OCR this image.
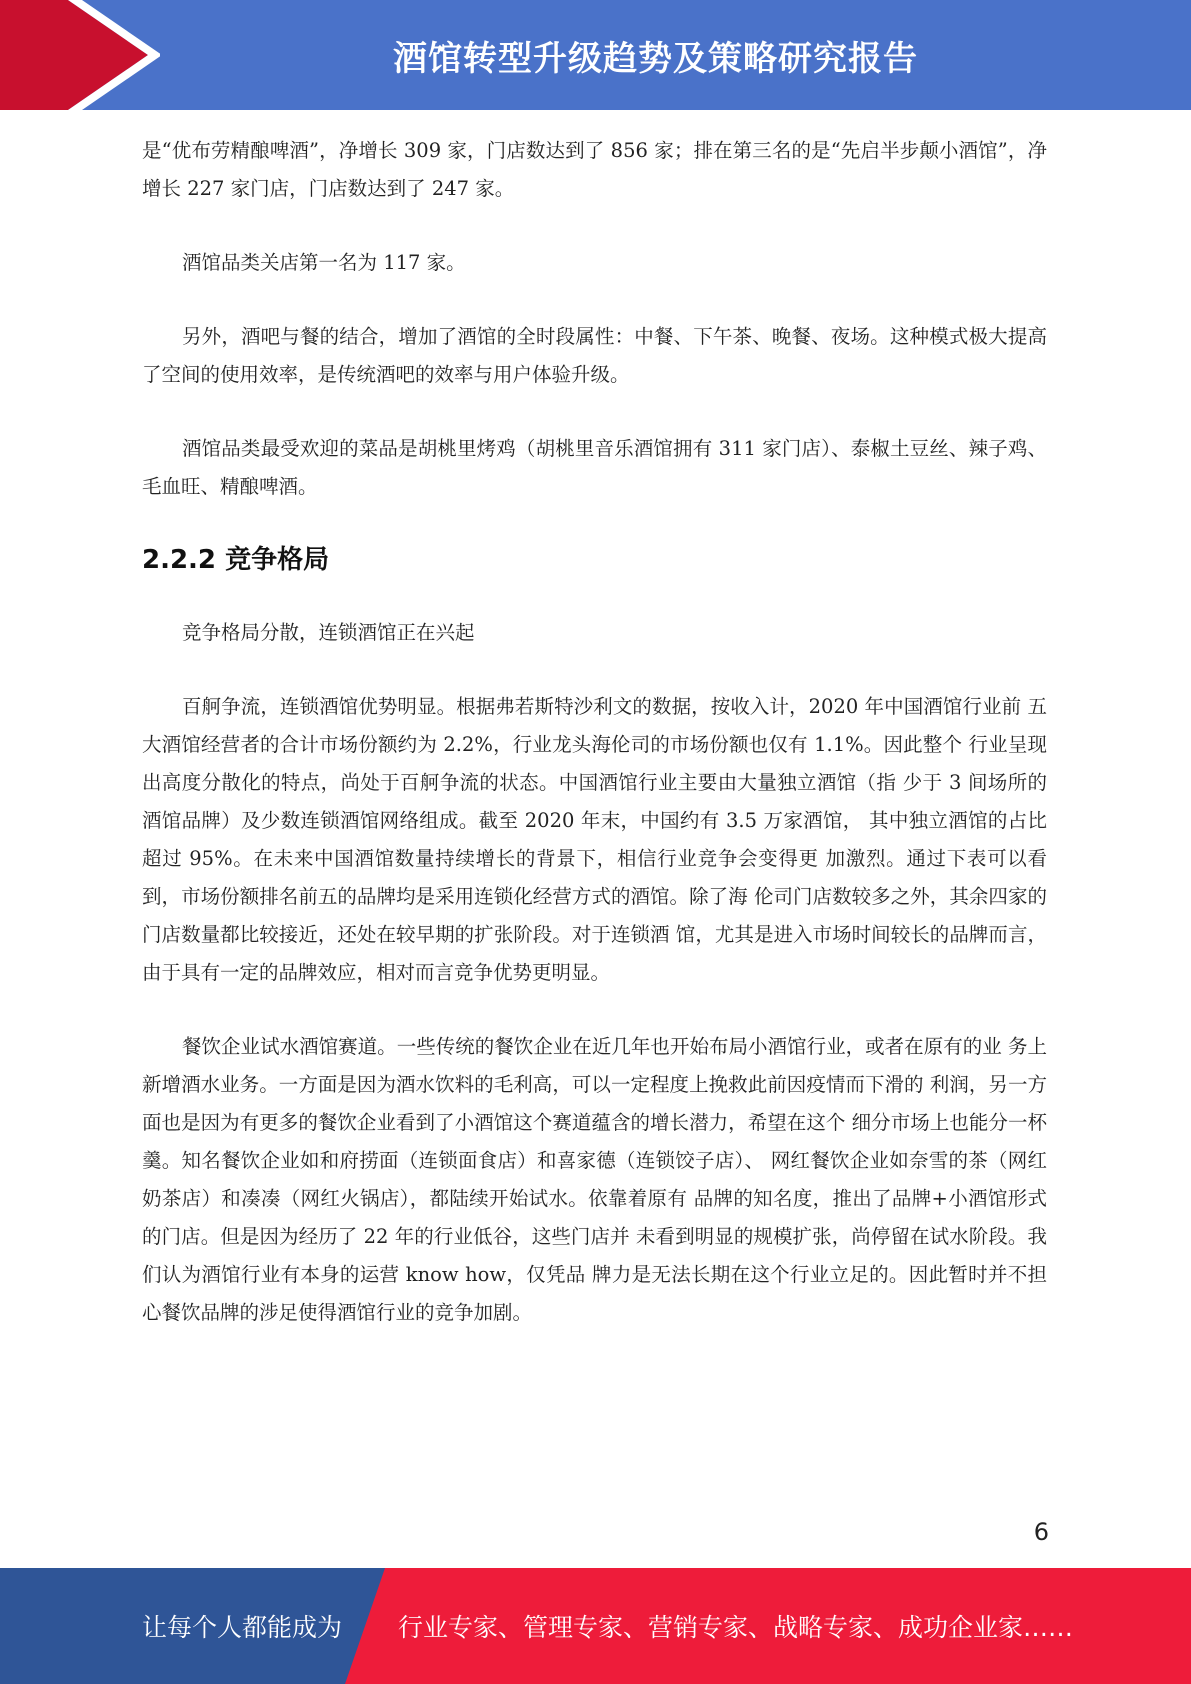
酒馆转型升级趋势及策略研究报告

是“优布劳精酿啤酒”，净增长 309 家，门店数达到了 856 家；排在第三名的是“先启半步颠小酒馆”，净增长 227 家门店，门店数达到了 247 家。

酒馆品类关店第一名为 117 家。

另外，酒吧与餐的结合，增加了酒馆的全时段属性：中餐、下午茶、晚餐、夜场。这种模式极大提高了空间的使用效率，是传统酒吧的效率与用户体验升级。

酒馆品类最受欢迎的菜品是胡桃里烤鸡（胡桃里音乐酒馆拥有 311 家门店）、泰椒土豆丝、辣子鸡、毛血旺、精酿啤酒。

2.2.2 竞争格局

竞争格局分散，连锁酒馆正在兴起

百舸争流，连锁酒馆优势明显。根据弗若斯特沙利文的数据，按收入计，2020 年中国酒馆行业前 五大酒馆经营者的合计市场份额约为 2.2%，行业龙头海伦司的市场份额也仅有 1.1%。因此整个 行业呈现出高度分散化的特点，尚处于百舸争流的状态。中国酒馆行业主要由大量独立酒馆（指 少于 3 间场所的酒馆品牌）及少数连锁酒馆网络组成。截至 2020 年末，中国约有 3.5 万家酒馆， 其中独立酒馆的占比超过 95%。在未来中国酒馆数量持续增长的背景下，相信行业竞争会变得更 加激烈。通过下表可以看到，市场份额排名前五的品牌均是采用连锁化经营方式的酒馆。除了海 伦司门店数较多之外，其余四家的门店数量都比较接近，还处在较早期的扩张阶段。对于连锁酒 馆，尤其是进入市场时间较长的品牌而言，由于具有一定的品牌效应，相对而言竞争优势更明显。

餐饮企业试水酒馆赛道。一些传统的餐饮企业在近几年也开始布局小酒馆行业，或者在原有的业 务上新增酒水业务。一方面是因为酒水饮料的毛利高，可以一定程度上挽救此前因疫情而下滑的 利润，另一方面也是因为有更多的餐饮企业看到了小酒馆这个赛道蕴含的增长潜力，希望在这个 细分市场上也能分一杯羹。知名餐饮企业如和府捞面（连锁面食店）和喜家德（连锁饺子店）、 网红餐饮企业如奈雪的茶（网红奶茶店）和凑凑（网红火锅店），都陆续开始试水。依靠着原有 品牌的知名度，推出了品牌+小酒馆形式的门店。但是因为经历了 22 年的行业低谷，这些门店并 未看到明显的规模扩张，尚停留在试水阶段。我们认为酒馆行业有本身的运营 know how，仅凭品 牌力是无法长期在这个行业立足的。因此暂时并不担心餐饮品牌的涉足使得酒馆行业的竞争加剧。

6
让每个人都能成为 行业专家、管理专家、营销专家、战略专家、成功企业家……
